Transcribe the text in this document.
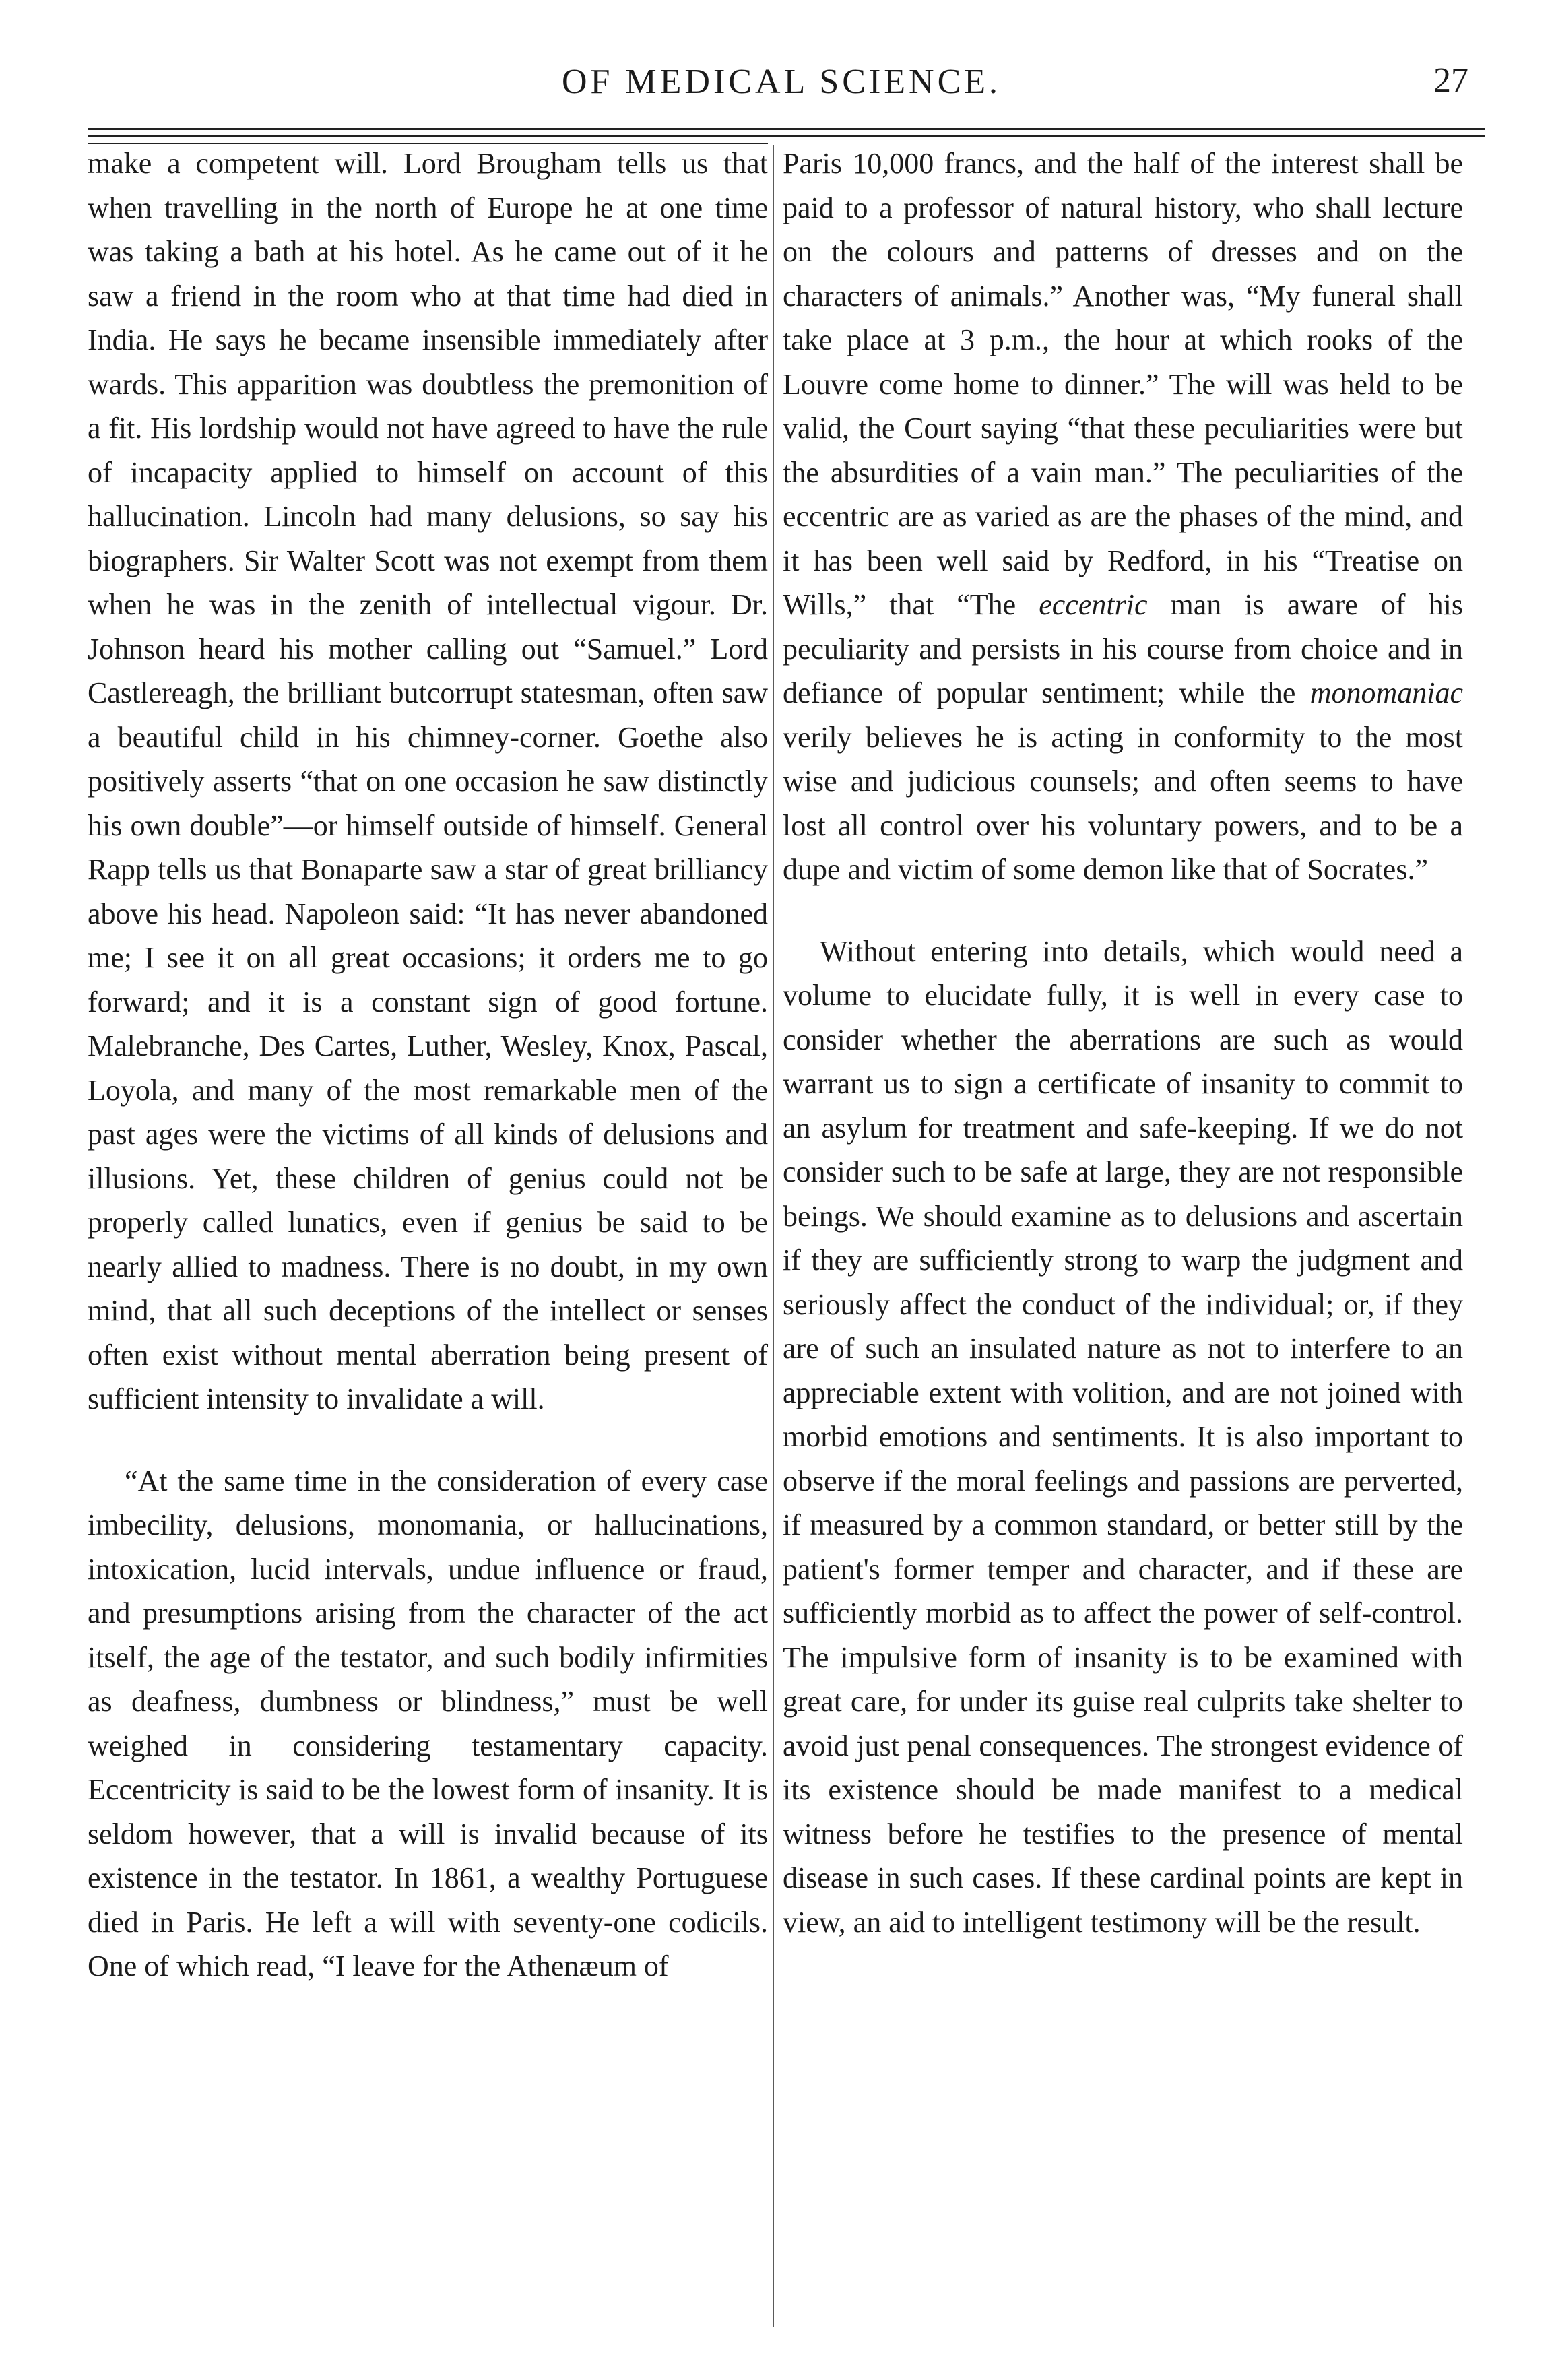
OF MEDICAL SCIENCE.	27

make a competent will. Lord Brougham tells us that when travelling in the north of Europe he at one time was taking a bath at his hotel. As he came out of it he saw a friend in the room who at that time had died in India. He says he became insensible immediately after wards. This apparition was doubtless the premonition of a fit. His lordship would not have agreed to have the rule of incapacity applied to himself on account of this hallucination. Lincoln had many delusions, so say his biographers. Sir Walter Scott was not exempt from them when he was in the zenith of intellectual vigour. Dr. Johnson heard his mother calling out “Samuel.” Lord Castlereagh, the brilliant butcorrupt statesman, often saw a beautiful child in his chimney-corner. Goethe also positively asserts “that on one occasion he saw distinctly his own double”—or himself outside of himself. General Rapp tells us that Bonaparte saw a star of great brilliancy above his head. Napoleon said: “It has never abandoned me; I see it on all great occasions; it orders me to go forward; and it is a constant sign of good fortune. Malebranche, Des Cartes, Luther, Wesley, Knox, Pascal, Loyola, and many of the most remarkable men of the past ages were the victims of all kinds of delusions and illusions. Yet, these children of genius could not be properly called lunatics, even if genius be said to be nearly allied to madness. There is no doubt, in my own mind, that all such deceptions of the intellect or senses often exist without mental aberration being present of sufficient intensity to invalidate a will.

“At the same time in the consideration of every case imbecility, delusions, monomania, or hallucinations, intoxication, lucid intervals, undue influence or fraud, and presumptions arising from the character of the act itself, the age of the testator, and such bodily infirmities as deafness, dumbness or blindness,” must be well weighed in considering testamentary capacity. Eccentricity is said to be the lowest form of insanity. It is seldom however, that a will is invalid because of its existence in the testator. In 1861, a wealthy Portuguese died in Paris. He left a will with seventy-one codicils. One of which read, “I leave for the Athenæum of

Paris 10,000 francs, and the half of the interest shall be paid to a professor of natural history, who shall lecture on the colours and patterns of dresses and on the characters of animals.” Another was, “My funeral shall take place at 3 p.m., the hour at which rooks of the Louvre come home to dinner.” The will was held to be valid, the Court saying “that these peculiarities were but the absurdities of a vain man.” The peculiarities of the eccentric are as varied as are the phases of the mind, and it has been well said by Redford, in his “Treatise on Wills,” that “The eccentric man is aware of his peculiarity and persists in his course from choice and in defiance of popular sentiment; while the monomaniac verily believes he is acting in conformity to the most wise and judicious counsels; and often seems to have lost all control over his voluntary powers, and to be a dupe and victim of some demon like that of Socrates.”

Without entering into details, which would need a volume to elucidate fully, it is well in every case to consider whether the aberrations are such as would warrant us to sign a certificate of insanity to commit to an asylum for treatment and safe-keeping. If we do not consider such to be safe at large, they are not responsible beings. We should examine as to delusions and ascertain if they are sufficiently strong to warp the judgment and seriously affect the conduct of the individual; or, if they are of such an insulated nature as not to interfere to an appreciable extent with volition, and are not joined with morbid emotions and sentiments. It is also important to observe if the moral feelings and passions are perverted, if measured by a common standard, or better still by the patient's former temper and character, and if these are sufficiently morbid as to affect the power of self-control. The impulsive form of insanity is to be examined with great care, for under its guise real culprits take shelter to avoid just penal consequences. The strongest evidence of its existence should be made manifest to a medical witness before he testifies to the presence of mental disease in such cases. If these cardinal points are kept in view, an aid to intelligent testimony will be the result.
